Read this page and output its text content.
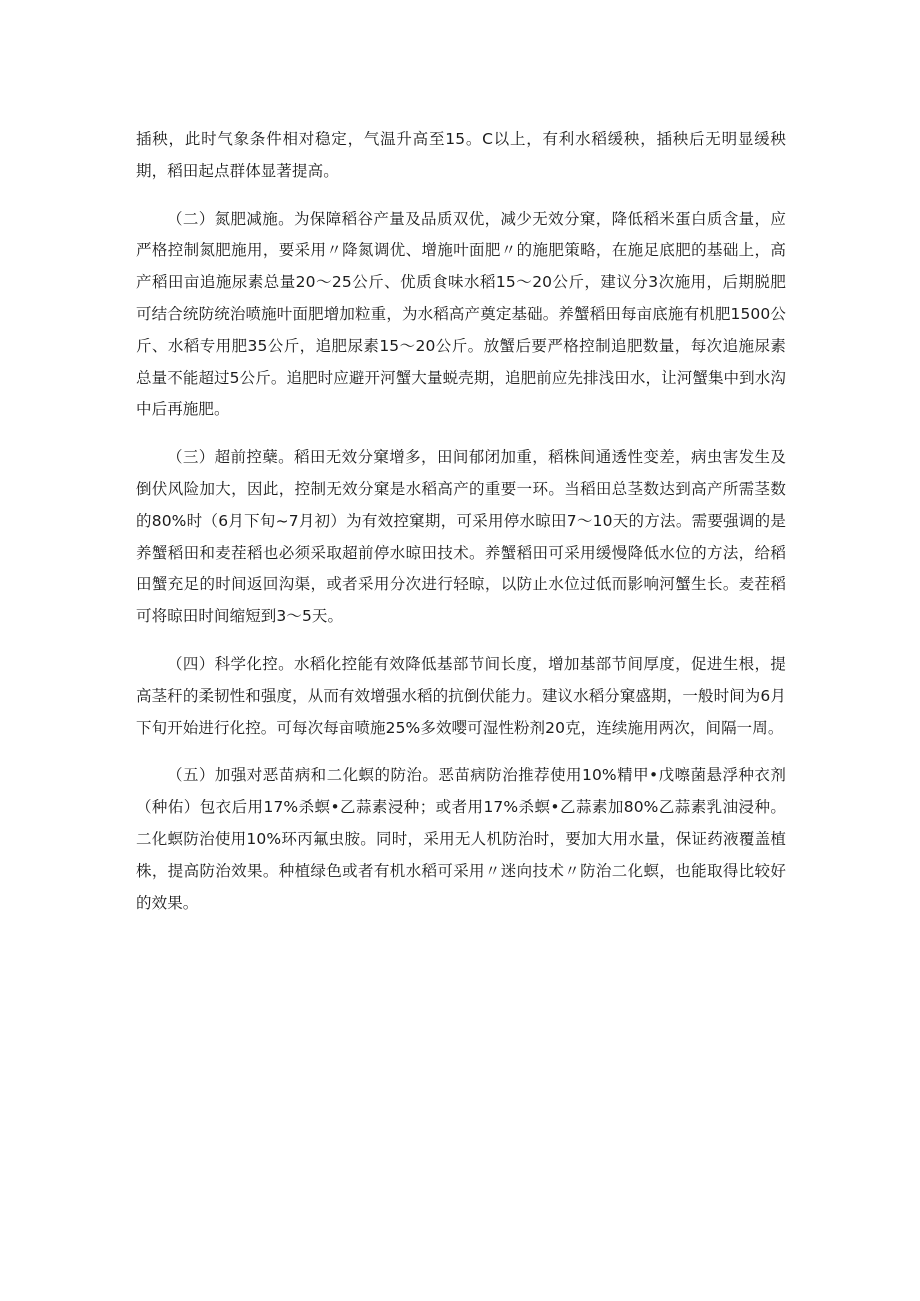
插秧，此时气象条件相对稳定，气温升高至15。C以上，有利水稻缓秧，插秧后无明显缓秧期，稻田起点群体显著提高。

（二）氮肥减施。为保障稻谷产量及品质双优，减少无效分窠，降低稻米蛋白质含量，应严格控制氮肥施用，要采用〃降氮调优、增施叶面肥〃的施肥策略，在施足底肥的基础上，高产稻田亩追施尿素总量20～25公斤、优质食味水稻15～20公斤，建议分3次施用，后期脱肥可结合统防统治喷施叶面肥增加粒重，为水稻高产奠定基础。养蟹稻田每亩底施有机肥1500公斤、水稻专用肥35公斤，追肥尿素15～20公斤。放蟹后要严格控制追肥数量，每次追施尿素总量不能超过5公斤。追肥时应避开河蟹大量蜕壳期，追肥前应先排浅田水，让河蟹集中到水沟中后再施肥。

（三）超前控蘖。稻田无效分窠增多，田间郁闭加重，稻株间通透性变差，病虫害发生及倒伏风险加大，因此，控制无效分窠是水稻高产的重要一环。当稻田总茎数达到高产所需茎数的80%时（6月下旬~7月初）为有效控窠期，可采用停水晾田7～10天的方法。需要强调的是养蟹稻田和麦茬稻也必须采取超前停水晾田技术。养蟹稻田可采用缓慢降低水位的方法，给稻田蟹充足的时间返回沟渠，或者采用分次进行轻晾，以防止水位过低而影响河蟹生长。麦茬稻可将晾田时间缩短到3～5天。

（四）科学化控。水稻化控能有效降低基部节间长度，增加基部节间厚度，促进生根，提高茎秆的柔韧性和强度，从而有效增强水稻的抗倒伏能力。建议水稻分窠盛期，一般时间为6月下旬开始进行化控。可每次每亩喷施25%多效嘤可湿性粉剂20克，连续施用两次，间隔一周。

（五）加强对恶苗病和二化螟的防治。恶苗病防治推荐使用10%精甲•戊嚓菌悬浮种衣剂（种佑）包衣后用17%杀螟•乙蒜素浸种；或者用17%杀螟•乙蒜素加80%乙蒜素乳油浸种。二化螟防治使用10%环丙氟虫胺。同时，采用无人机防治时，要加大用水量，保证药液覆盖植株，提高防治效果。种植绿色或者有机水稻可采用〃迷向技术〃防治二化螟，也能取得比较好的效果。
